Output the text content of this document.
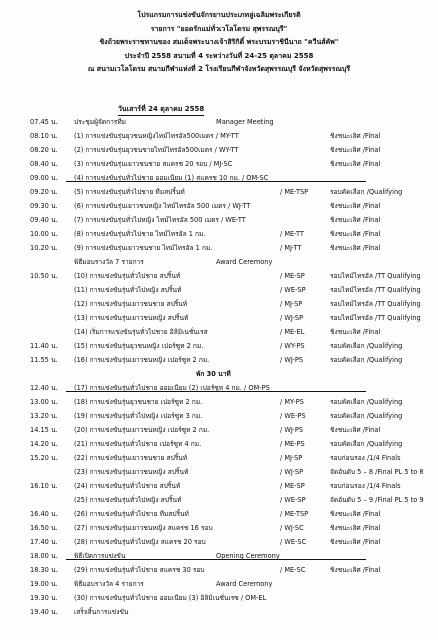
โปรแกรมการแข่งขันจักรยานประเภทลู่เฉลิมพระเกียรติ
รายการ "ยอดรักแม่ทั่วเวโลโดรม สุพรรณบุรี"
ชิงถ้วยพระราชทานของ สมเด็จพระนางเจ้าสิริกิติ์ พระบรมราชินีนาถ "ควีนส์คัพ"
ประจำปี 2558 สนามที่ 4 ระหว่างวันที่ 24-25 ตุลาคม 2558
ณ สนามเวโลโดรม สนามกีฬาแห่งที่ 2 โรงเรียนกีฬาจังหวัดสุพรรณบุรี จังหวัดสุพรรณบุรี
วันเสาร์ที่ 24 ตุลาคม 2558
07.45 น. ประชุมผู้จัดการทีม	Manager Meeting
08.10 น. (1) การแข่งขันรุ่นยุวชนหญิงไทม์ไทรอัล500เมตร / MY-TT	ชิงชนะเลิศ /Final
08.20 น. (2) การแข่งขันรุ่นยุวชนชายไทม์ไทรอัล500เมตร / WY-TT	ชิงชนะเลิศ /Final
08.40 น. (3) การแข่งขันรุ่นเยาวชนชาย สแครช 20 รอบ / MJ-SC	ชิงชนะเลิศ /Final
09.00 น. (4) การแข่งขันรุ่นทั่วไปชาย ออมเนียม (1) สแครช 10 กม. / OM-SC
09.20 น. (5) การแข่งขันรุ่นทั่วไปชาย ทีมสปริ้นท์	/ ME-TSP	รอบคัดเลือก /Qualifying
09.30 น. (6) การแข่งขันรุ่นเยาวชนหญิง ไทม์ไทรอัล 500 เมตร / WJ-TT	ชิงชนะเลิศ /Final
09.40 น. (7) การแข่งขันรุ่นทั่วไปหญิง ไทม์ไทรอัล 500 เมตร / WE-TT	ชิงชนะเลิศ /Final
10.00 น. (8) การแข่งขันรุ่นทั่วไปชาย ไทม์ไทรอัล 1 กม.	/ ME-TT	ชิงชนะเลิศ /Final
10.20 น. (9) การแข่งขันรุ่นเยาวชนชาย ไทม์ไทรอัล 1 กม.	/ MJ-TT	ชิงชนะเลิศ /Final
พิธีมอบรางวัล 7 รายการ	Award Ceremony
10.50 น. (10) การแข่งขันรุ่นทั่วไปชาย สปริ้นท์	/ ME-SP	รอบไทม์ไทรอัล /TT Qualifying
(11) การแข่งขันรุ่นทั่วไปหญิง สปริ้นท์	/ WE-SP	รอบไทม์ไทรอัล /TT Qualifying
(12) การแข่งขันรุ่นเยาวชนชาย สปริ้นท์	/ MJ-SP	รอบไทม์ไทรอัล /TT Qualifying
(13) การแข่งขันรุ่นเยาวชนหญิง สปริ้นท์	/ WJ-SP	รอบไทม์ไทรอัล /TT Qualifying
(14) เริ่มการแข่งขันรุ่นทั่วไปชาย อิลิมิเนชั่นเรส	/ ME-EL	ชิงชนะเลิศ /Final
11.40 น. (15) การแข่งขันรุ่นยุวชนหญิง เปอร์ซูท 2 กม.	/ WY-PS	รอบคัดเลือก /Qualifying
11.55 น. (16) การแข่งขันรุ่นเยาวชนหญิง เปอร์ซูท 2 กม.	/ WJ-PS	รอบคัดเลือก /Qualifying
พัก 30 นาที
12.40 น. (17) การแข่งขันรุ่นทั่วไปชาย ออมเนียม (2) เปอร์ซูท 4 กม. / OM-PS
13.00 น. (18) การแข่งขันรุ่นยุวชนชาย เปอร์ซูท 2 กม.	/ MY-PS	รอบคัดเลือก /Qualifying
13.20 น. (19) การแข่งขันรุ่นทั่วไปหญิง เปอร์ซูท 3 กม.	/ WE-PS	รอบคัดเลือก /Qualifying
14.15 น. (20) การแข่งขันรุ่นเยาวชนหญิง เปอร์ซูท 2 กม.	/ WJ-PS	ชิงชนะเลิศ /Final
14.20 น. (21) การแข่งขันรุ่นทั่วไปชาย เปอร์ซูท 4 กม.	/ ME-PS	รอบคัดเลือก /Qualifying
15.20 น. (22) การแข่งขันรุ่นเยาวชนชาย สปริ้นท์	/ MJ-SP	รอบก่อนรอง /1/4 Finals
(23) การแข่งขันรุ่นเยาวชนหญิง สปริ้นท์	/ WJ-SP	จัดอันดับ 5 – 8 /Final PL 5 to 8
16.10 น. (24) การแข่งขันรุ่นทั่วไปชาย สปริ้นท์	/ ME-SP	รอบก่อนรอง /1/4 Finals
(25) การแข่งขันรุ่นทั่วไปหญิง สปริ้นท์	/ WE-SP	จัดอันดับ 5 – 9 /Final PL 5 to 9
16.40 น. (26) การแข่งขันรุ่นทั่วไปชาย ทีมสปริ้นท์	/ ME-TSP	ชิงชนะเลิศ /Final
16.50 น. (27) การแข่งขันรุ่นเยาวชนหญิง สแครช 16 รอบ	/ WJ-SC	ชิงชนะเลิศ /Final
17.40 น. (28) การแข่งขันรุ่นทั่วไปหญิง สแครช 20 รอบ	/ WE-SC	ชิงชนะเลิศ /Final
18.00 น. พิธีเปิดการแข่งขัน	Opening Ceremony
18.30 น. (29) การแข่งขันรุ่นทั่วไปชาย สแครช 30 รอบ	/ ME-SC	ชิงชนะเลิศ /Final
19.00 น. พิธีมอบรางวัล 4 รายการ	Award Ceremony
19.30 น. (30) การแข่งขันรุ่นทั่วไปชาย ออมเนียม (3) อิลิมิเนชั่นเรซ / OM-EL
19.40 น. เสร็จสิ้นการแข่งขัน
